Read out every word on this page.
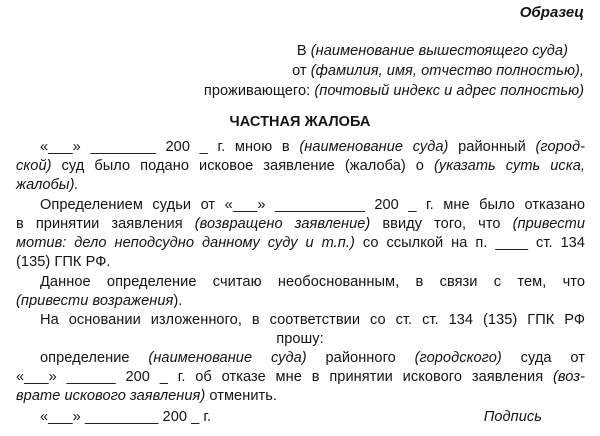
Образец
В (наименование вышестоящего суда)
от (фамилия, имя, отчество полностью),
проживающего: (почтовый индекс и адрес полностью)
ЧАСТНАЯ ЖАЛОБА
«___» ________ 200 _ г. мною в (наименование суда) районный (город-
ской) суд было подано исковое заявление (жалоба) о (указать суть иска,
жалобы).
Определением судьи от «___» ___________ 200 _ г. мне было отказано
в принятии заявления (возвращено заявление) ввиду того, что (привести
мотив: дело неподсудно данному суду и т.п.) со ссылкой на п. ____ ст. 134
(135) ГПК РФ.
Данное определение считаю необоснованным, в связи с тем, что
(привести возражения).
На основании изложенного, в соответствии со ст. ст. 134 (135) ГПК РФ
прошу:
определение (наименование суда) районного (городского) суда от
«___» ______ 200 _ г. об отказе мне в принятии искового заявления (воз-
врате искового заявления) отменить.
«___» _________ 200 _ г.	Подпись
